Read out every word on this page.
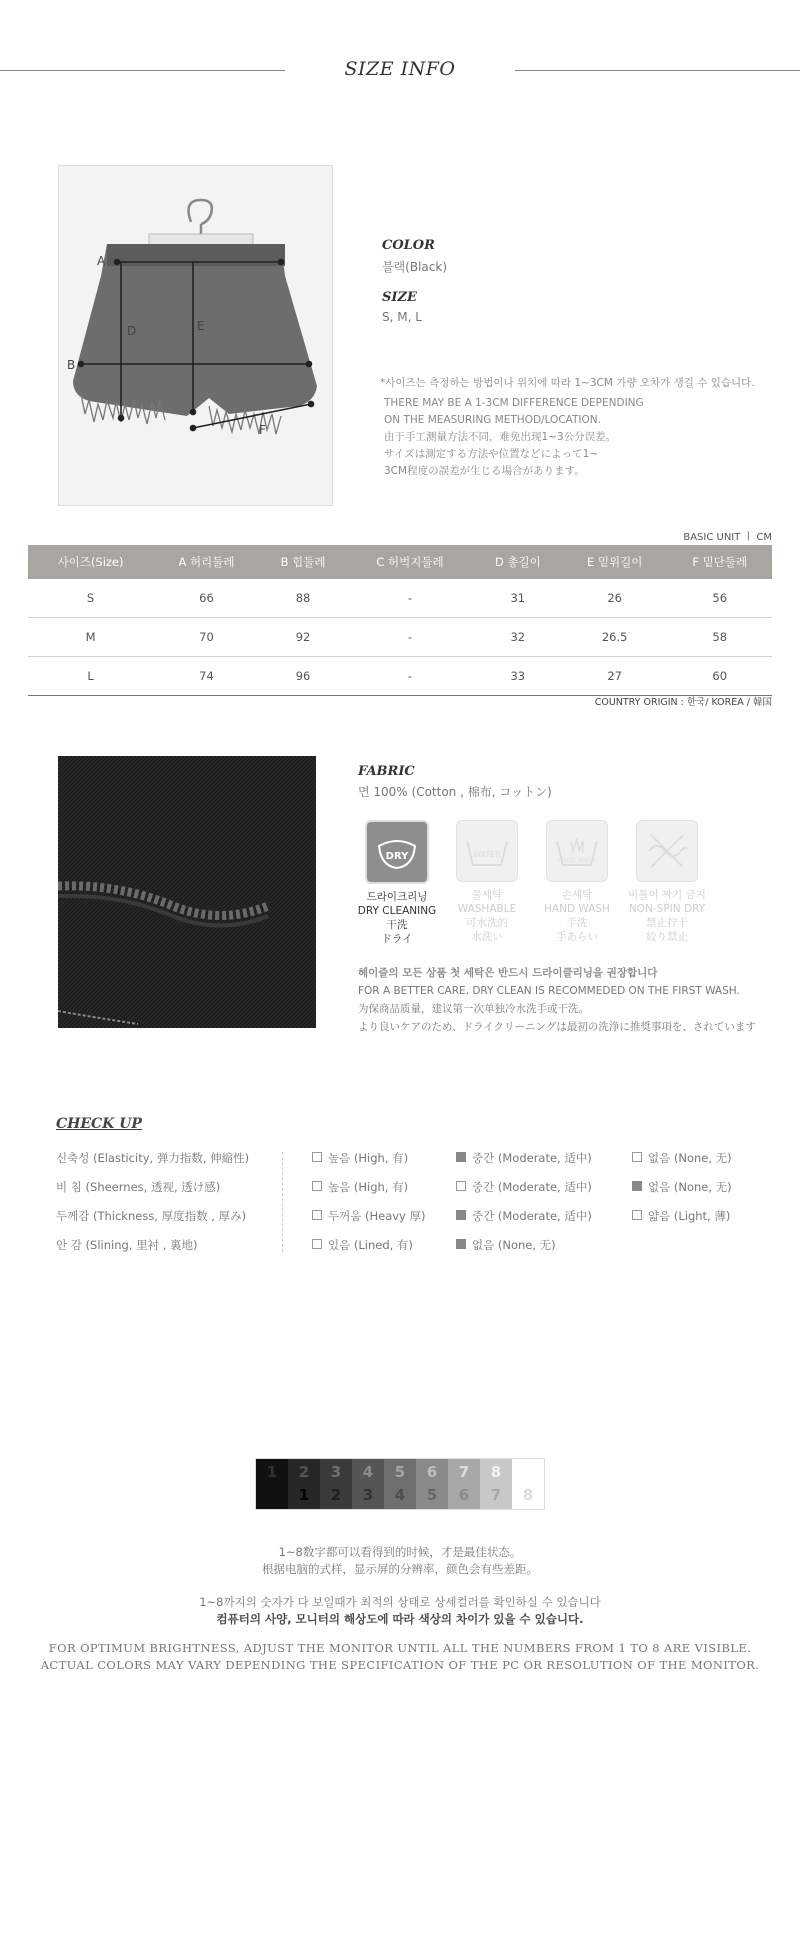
SIZE INFO
A
B
D	E
F
COLOR
블랙(Black)
SIZE
S, M, L
*사이즈는 측정하는 방법이나 위치에 따라 1~3CM 가량 오차가 생길 수 있습니다.
THERE MAY BE A 1-3CM DIFFERENCE DEPENDING
ON THE MEASURING METHOD/LOCATION.
由于手工测量方法不同，难免出现1~3公分误差。
サイズは測定する方法や位置などによって1~
3CM程度の誤差が生じる場合があります。
BASIC UNIT ㅣ CM
사이즈(Size)	A 허리둘레	B 힙둘레	C 허벅지둘레	D 총길이	E 밑위길이	F 밑단둘레
S	66	88	-	31	26	56
M	70	92	-	32	26.5	58
L	74	96	-	33	27	60
COUNTRY ORIGIN : 한국/ KOREA / 韓国
FABRIC
면 100% (Cotton , 棉布, コットン)
DRY
드라이크리닝
DRY CLEANING
干洗
ドライ
WATER
물세탁
WASHABLE
可水洗的
水洗い
HAND WASH
손세탁
HAND WASH
手洗
手あらい
비틀어 짜기 금지
NON-SPIN DRY
禁止拧干
絞り禁止
헤이즐의 모든 상품 첫 세탁은 반드시 드라이클리닝을 권장합니다
FOR A BETTER CARE, DRY CLEAN IS RECOMMEDED ON THE FIRST WASH.
为保商品质量，建议第一次单独冷水洗手或干洗。
より良いケアのため、ドライクリーニングは最初の洗浄に推奨事項を、されています
CHECK UP
신축성 (Elasticity, 弹力指数, 伸縮性)	높음 (High, 有)	중간 (Moderate, 适中)	없음 (None, 无)
비 침 (Sheernes, 透视, 透け感)	높음 (High, 有)	중간 (Moderate, 适中)	없음 (None, 无)
두께감 (Thickness, 厚度指数 , 厚み)	두꺼움 (Heavy 厚)	중간 (Moderate, 适中)	얇음 (Light, 薄)
안 감 (Slining, 里衬 , 裏地)	있음 (Lined, 有)	없음 (None, 无)
1	2
1
3
2
4
3
5
4
6
5
7
6
8
7	8
1~8数字都可以看得到的时候，才是最佳状态。
根据电脑的式样，显示屏的分辨率，颜色会有些差距。
1~8까지의 숫자가 다 보일때가 최적의 상태로 상세컬러를 확인하실 수 있습니다
컴퓨터의 사양, 모니터의 해상도에 따라 색상의 차이가 있을 수 있습니다.
FOR OPTIMUM BRIGHTNESS, ADJUST THE MONITOR UNTIL ALL THE NUMBERS FROM 1 TO 8 ARE VISIBLE.
ACTUAL COLORS MAY VARY DEPENDING THE SPECIFICATION OF THE PC OR RESOLUTION OF THE MONITOR.
